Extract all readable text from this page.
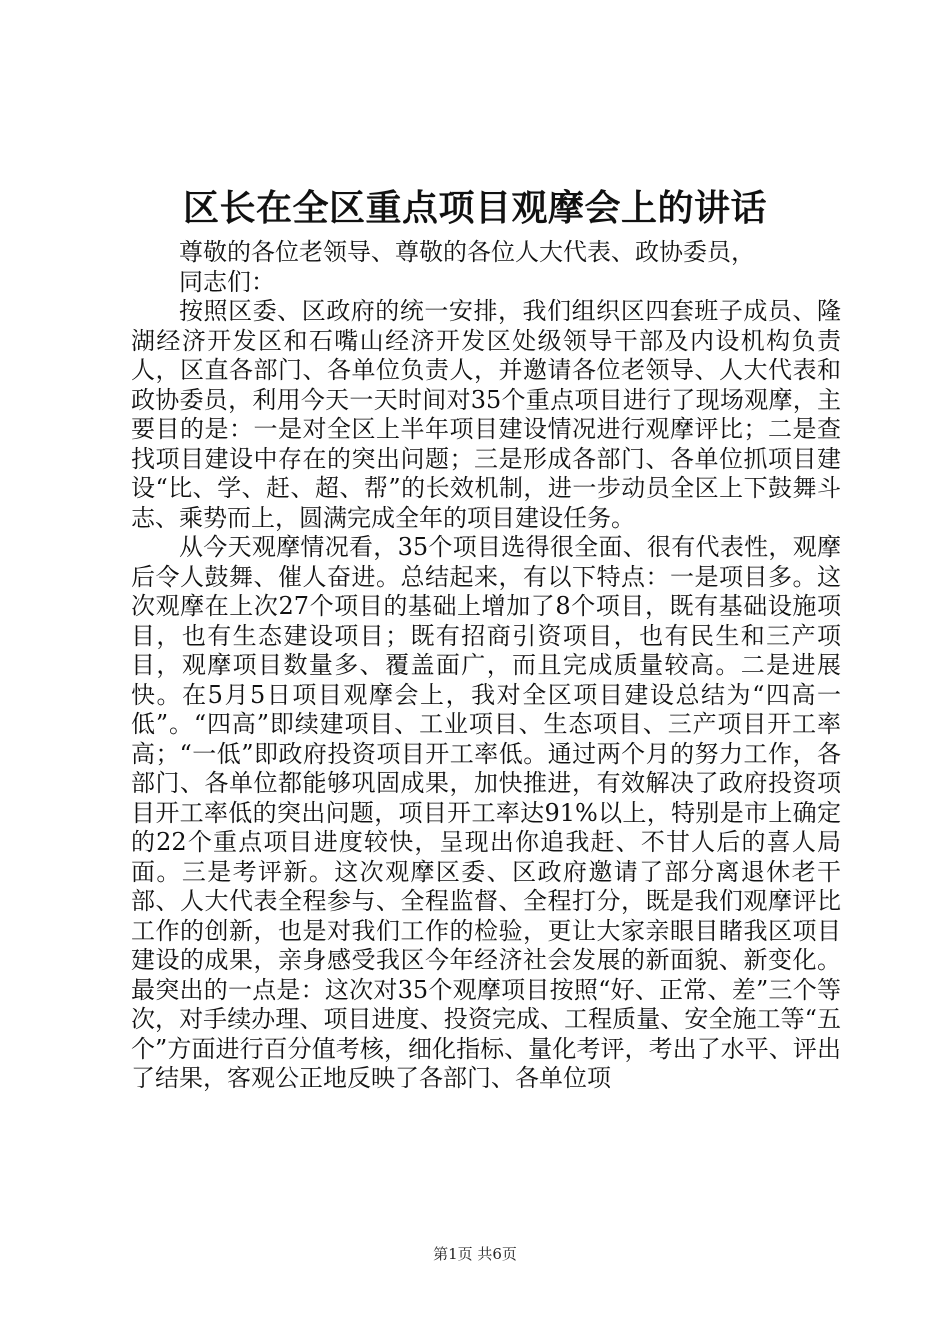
区长在全区重点项目观摩会上的讲话

尊敬的各位老领导、尊敬的各位人大代表、政协委员，

同志们：

按照区委、区政府的统一安排，我们组织区四套班子成员、隆湖经济开发区和石嘴山经济开发区处级领导干部及内设机构负责人，区直各部门、各单位负责人，并邀请各位老领导、人大代表和政协委员，利用今天一天时间对35个重点项目进行了现场观摩，主要目的是：一是对全区上半年项目建设情况进行观摩评比；二是查找项目建设中存在的突出问题；三是形成各部门、各单位抓项目建设“比、学、赶、超、帮”的长效机制，进一步动员全区上下鼓舞斗志、乘势而上，圆满完成全年的项目建设任务。

从今天观摩情况看，35个项目选得很全面、很有代表性，观摩后令人鼓舞、催人奋进。总结起来，有以下特点：一是项目多。这次观摩在上次27个项目的基础上增加了8个项目，既有基础设施项目，也有生态建设项目；既有招商引资项目，也有民生和三产项目，观摩项目数量多、覆盖面广，而且完成质量较高。二是进展快。在5月5日项目观摩会上，我对全区项目建设总结为“四高一低”。“四高”即续建项目、工业项目、生态项目、三产项目开工率高；“一低”即政府投资项目开工率低。通过两个月的努力工作，各部门、各单位都能够巩固成果，加快推进，有效解决了政府投资项目开工率低的突出问题，项目开工率达91%以上，特别是市上确定的22个重点项目进度较快，呈现出你追我赶、不甘人后的喜人局面。三是考评新。这次观摩区委、区政府邀请了部分离退休老干部、人大代表全程参与、全程监督、全程打分，既是我们观摩评比工作的创新，也是对我们工作的检验，更让大家亲眼目睹我区项目建设的成果，亲身感受我区今年经济社会发展的新面貌、新变化。最突出的一点是：这次对35个观摩项目按照“好、正常、差”三个等次，对手续办理、项目进度、投资完成、工程质量、安全施工等“五个”方面进行百分值考核，细化指标、量化考评，考出了水平、评出了结果，客观公正地反映了各部门、各单位项

第1页 共6页
